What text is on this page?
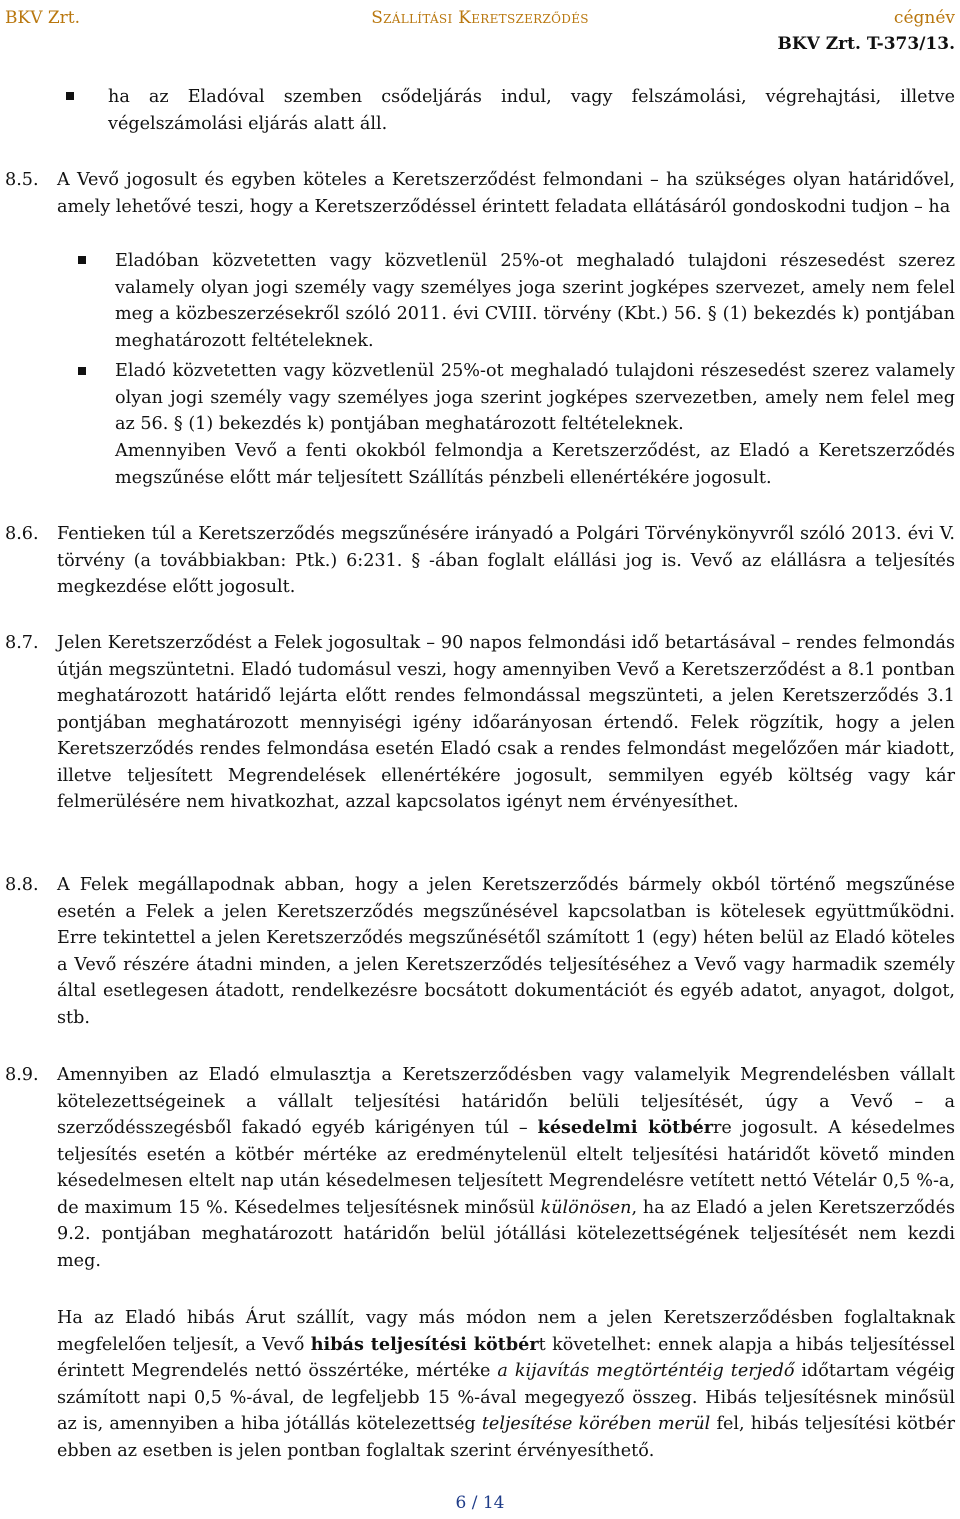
BKV Zrt.	Szállítási Keretszerződés	cégnév
BKV Zrt. T-373/13.
ha az Eladóval szemben csődeljárás indul, vagy felszámolási, végrehajtási, illetve végelszámolási eljárás alatt áll.
8.5. A Vevő jogosult és egyben köteles a Keretszerződést felmondani – ha szükséges olyan határidővel, amely lehetővé teszi, hogy a Keretszerződéssel érintett feladata ellátásáról gondoskodni tudjon – ha
Eladóban közvetetten vagy közvetlenül 25%-ot meghaladó tulajdoni részesedést szerez valamely olyan jogi személy vagy személyes joga szerint jogképes szervezet, amely nem felel meg a közbeszerzésekről szóló 2011. évi CVIII. törvény (Kbt.) 56. § (1) bekezdés k) pontjában meghatározott feltételeknek.
Eladó közvetetten vagy közvetlenül 25%-ot meghaladó tulajdoni részesedést szerez valamely olyan jogi személy vagy személyes joga szerint jogképes szervezetben, amely nem felel meg az 56. § (1) bekezdés k) pontjában meghatározott feltételeknek.
Amennyiben Vevő a fenti okokból felmondja a Keretszerződést, az Eladó a Keretszerződés megszűnése előtt már teljesített Szállítás pénzbeli ellenértékére jogosult.
8.6. Fentieken túl a Keretszerződés megszűnésére irányadó a Polgári Törvénykönyvről szóló 2013. évi V. törvény (a továbbiakban: Ptk.) 6:231. § -ában foglalt elállási jog is. Vevő az elállásra a teljesítés megkezdése előtt jogosult.
8.7. Jelen Keretszerződést a Felek jogosultak – 90 napos felmondási idő betartásával – rendes felmondás útján megszüntetni. Eladó tudomásul veszi, hogy amennyiben Vevő a Keretszerződést a 8.1 pontban meghatározott határidő lejárta előtt rendes felmondással megszünteti, a jelen Keretszerződés 3.1 pontjában meghatározott mennyiségi igény időarányosan értendő. Felek rögzítik, hogy a jelen Keretszerződés rendes felmondása esetén Eladó csak a rendes felmondást megelőzően már kiadott, illetve teljesített Megrendelések ellenértékére jogosult, semmilyen egyéb költség vagy kár felmerülésére nem hivatkozhat, azzal kapcsolatos igényt nem érvényesíthet.
8.8. A Felek megállapodnak abban, hogy a jelen Keretszerződés bármely okból történő megszűnése esetén a Felek a jelen Keretszerződés megszűnésével kapcsolatban is kötelesek együttműködni. Erre tekintettel a jelen Keretszerződés megszűnésétől számított 1 (egy) héten belül az Eladó köteles a Vevő részére átadni minden, a jelen Keretszerződés teljesítéséhez a Vevő vagy harmadik személy által esetlegesen átadott, rendelkezésre bocsátott dokumentációt és egyéb adatot, anyagot, dolgot, stb.
8.9. Amennyiben az Eladó elmulasztja a Keretszerződésben vagy valamelyik Megrendelésben vállalt kötelezettségeinek a vállalt teljesítési határidőn belüli teljesítését, úgy a Vevő – a szerződésszegésből fakadó egyéb kárigényen túl – késedelmi kötbérre jogosult. A késedelmes teljesítés esetén a kötbér mértéke az eredménytelenül eltelt teljesítési határidőt követő minden késedelmesen eltelt nap után késedelmesen teljesített Megrendelésre vetített nettó Vételár 0,5 %-a, de maximum 15 %. Késedelmes teljesítésnek minősül különösen, ha az Eladó a jelen Keretszerződés 9.2. pontjában meghatározott határidőn belül jótállási kötelezettségének teljesítését nem kezdi meg.
Ha az Eladó hibás Árut szállít, vagy más módon nem a jelen Keretszerződésben foglaltaknak megfelelően teljesít, a Vevő hibás teljesítési kötbért követelhet: ennek alapja a hibás teljesítéssel érintett Megrendelés nettó összértéke, mértéke a kijavítás megtörténtéig terjedő időtartam végéig számított napi 0,5 %-ával, de legfeljebb 15 %-ával megegyező összeg. Hibás teljesítésnek minősül az is, amennyiben a hiba jótállás kötelezettség teljesítése körében merül fel, hibás teljesítési kötbér ebben az esetben is jelen pontban foglaltak szerint érvényesíthető.
6 / 14
